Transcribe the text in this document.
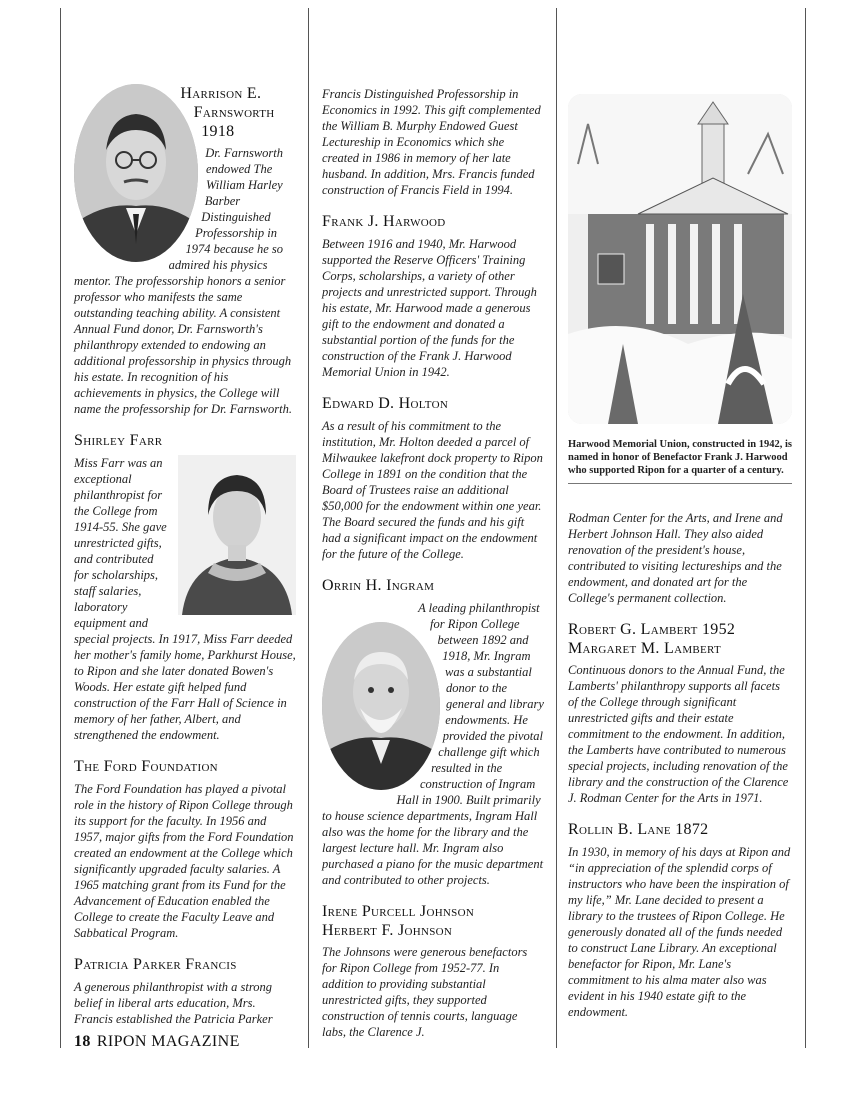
Harrison E. Farnsworth
1918
Dr. Farnsworth endowed The William Harley Barber Distinguished Professorship in 1974 because he so admired his physics mentor. The professorship honors a senior professor who manifests the same outstanding teaching ability. A consistent Annual Fund donor, Dr. Farnsworth's philanthropy extended to endowing an additional professorship in physics through his estate. In recognition of his achievements in physics, the College will name the professorship for Dr. Farnsworth.
Shirley Farr
Miss Farr was an exceptional philanthropist for the College from 1914-55. She gave unrestricted gifts, and contributed for scholarships, staff salaries, laboratory equipment and special projects. In 1917, Miss Farr deeded her mother's family home, Parkhurst House, to Ripon and she later donated Bowen's Woods. Her estate gift helped fund construction of the Farr Hall of Science in memory of her father, Albert, and strengthened the endowment.
The Ford Foundation
The Ford Foundation has played a pivotal role in the history of Ripon College through its support for the faculty. In 1956 and 1957, major gifts from the Ford Foundation created an endowment at the College which significantly upgraded faculty salaries. A 1965 matching grant from its Fund for the Advancement of Education enabled the College to create the Faculty Leave and Sabbatical Program.
Patricia Parker Francis
A generous philanthropist with a strong belief in liberal arts education, Mrs. Francis established the Patricia Parker
Francis Distinguished Professorship in Economics in 1992. This gift complemented the William B. Murphy Endowed Guest Lectureship in Economics which she created in 1986 in memory of her late husband. In addition, Mrs. Francis funded construction of Francis Field in 1994.
Frank J. Harwood
Between 1916 and 1940, Mr. Harwood supported the Reserve Officers' Training Corps, scholarships, a variety of other projects and unrestricted support. Through his estate, Mr. Harwood made a generous gift to the endowment and donated a substantial portion of the funds for the construction of the Frank J. Harwood Memorial Union in 1942.
Edward D. Holton
As a result of his commitment to the institution, Mr. Holton deeded a parcel of Milwaukee lakefront dock property to Ripon College in 1891 on the condition that the Board of Trustees raise an additional $50,000 for the endowment within one year. The Board secured the funds and his gift had a significant impact on the endowment for the future of the College.
Orrin H. Ingram
A leading philanthropist for Ripon College between 1892 and 1918, Mr. Ingram was a substantial donor to the general and library endowments. He provided the pivotal challenge gift which resulted in the construction of Ingram Hall in 1900. Built primarily to house science departments, Ingram Hall also was the home for the library and the largest lecture hall. Mr. Ingram also purchased a piano for the music department and contributed to other projects.
Irene Purcell Johnson
Herbert F. Johnson
The Johnsons were generous benefactors for Ripon College from 1952-77. In addition to providing substantial unrestricted gifts, they supported construction of tennis courts, language labs, the Clarence J.
Harwood Memorial Union, constructed in 1942, is named in honor of Benefactor Frank J. Harwood who supported Ripon for a quarter of a century.
Rodman Center for the Arts, and Irene and Herbert Johnson Hall. They also aided renovation of the president's house, contributed to visiting lectureships and the endowment, and donated art for the College's permanent collection.
Robert G. Lambert 1952
Margaret M. Lambert
Continuous donors to the Annual Fund, the Lamberts' philanthropy supports all facets of the College through significant unrestricted gifts and their estate commitment to the endowment. In addition, the Lamberts have contributed to numerous special projects, including renovation of the library and the construction of the Clarence J. Rodman Center for the Arts in 1971.
Rollin B. Lane 1872
In 1930, in memory of his days at Ripon and “in appreciation of the splendid corps of instructors who have been the inspiration of my life,” Mr. Lane decided to present a library to the trustees of Ripon College. He generously donated all of the funds needed to construct Lane Library. An exceptional benefactor for Ripon, Mr. Lane's commitment to his alma mater also was evident in his 1940 estate gift to the endowment.
18 RIPON MAGAZINE
